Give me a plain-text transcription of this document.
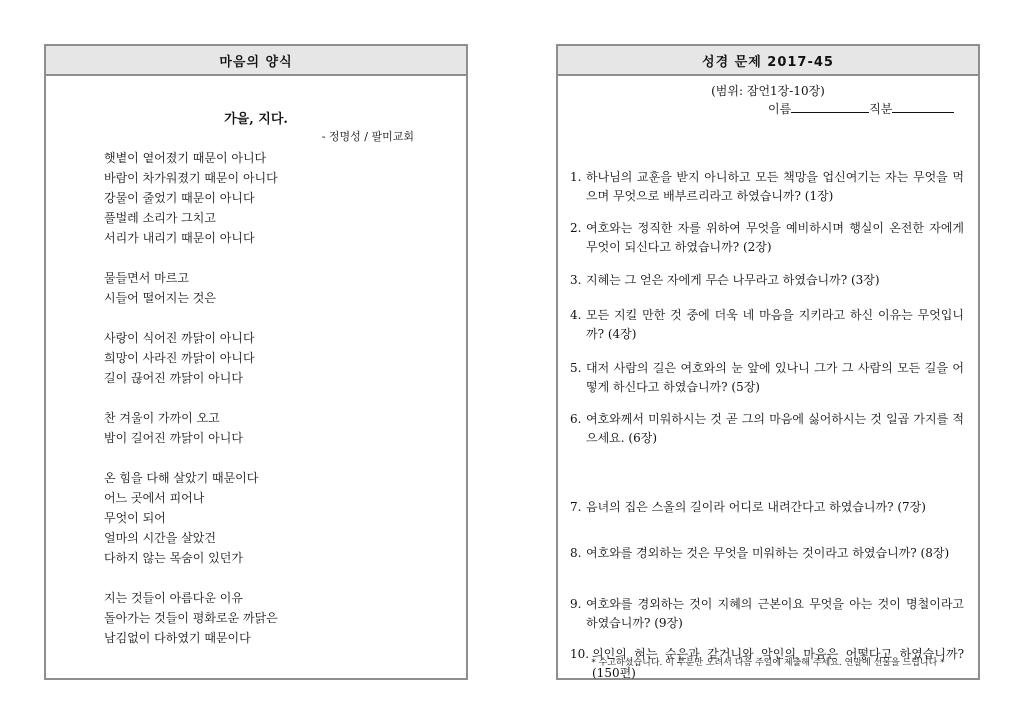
마음의 양식
가을, 지다.
- 정명성 / 팔미교회
햇볕이 옅어졌기 때문이 아니다
바람이 차가워졌기 때문이 아니다
강물이 줄었기 때문이 아니다
풀벌레 소리가 그치고
서리가 내리기 때문이 아니다
물들면서 마르고
시들어 떨어지는 것은
사랑이 식어진 까닭이 아니다
희망이 사라진 까닭이 아니다
길이 끊어진 까닭이 아니다
찬 겨울이 가까이 오고
밤이 길어진 까닭이 아니다
온 힘을 다해 살았기 때문이다
어느 곳에서 피어나
무엇이 되어
얼마의 시간을 살았건
다하지 않는 목숨이 있던가
지는 것들이 아름다운 이유
돌아가는 것들이 평화로운 까닭은
남김없이 다하였기 때문이다
성경 문제 2017-45
(범위: 잠언1장-10장)
이름	직분
1. 하나님의 교훈을 받지 아니하고 모든 책망을 업신여기는 자는 무엇을 먹으며 무엇으로 배부르리라고 하였습니까? (1장)
2. 여호와는 정직한 자를 위하여 무엇을 예비하시며 행실이 온전한 자에게 무엇이 되신다고 하였습니까? (2장)
3. 지혜는 그 얻은 자에게 무슨 나무라고 하였습니까? (3장)
4. 모든 지킬 만한 것 중에 더욱 네 마음을 지키라고 하신 이유는 무엇입니까? (4장)
5. 대저 사람의 길은 여호와의 눈 앞에 있나니 그가 그 사람의 모든 길을 어떻게 하신다고 하였습니까? (5장)
6. 여호와께서 미워하시는 것 곧 그의 마음에 싫어하시는 것 일곱 가지를 적으세요. (6장)
7. 음녀의 집은 스올의 길이라 어디로 내려간다고 하였습니까? (7장)
8. 여호와를 경외하는 것은 무엇을 미워하는 것이라고 하였습니까? (8장)
9. 여호와를 경외하는 것이 지혜의 근본이요 무엇을 아는 것이 명철이라고 하였습니까? (9장)
10. 의인의 혀는 순은과 같거니와 악인의 마음은 어떻다고 하였습니까? (150편)
* 수고하셨습니다. 이 부분만 오려서 다음 주일에 제출해 주세요. 연말에 선물을 드립니다 *
